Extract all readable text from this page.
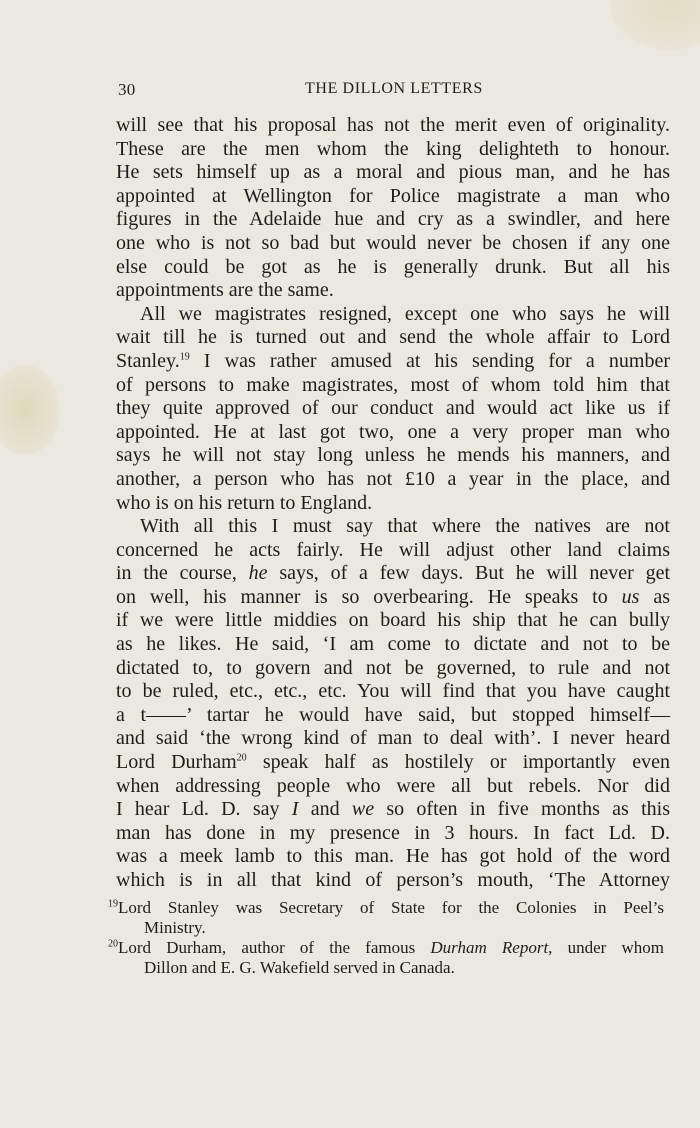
30	THE DILLON LETTERS
will see that his proposal has not the merit even of originality.
These are the men whom the king delighteth to honour.
He sets himself up as a moral and pious man, and he has
appointed at Wellington for Police magistrate a man who
figures in the Adelaide hue and cry as a swindler, and here
one who is not so bad but would never be chosen if any one
else could be got as he is generally drunk. But all his
appointments are the same.
All we magistrates resigned, except one who says he will
wait till he is turned out and send the whole affair to Lord
Stanley.$^{19}$ I was rather amused at his sending for a number
of persons to make magistrates, most of whom told him that
they quite approved of our conduct and would act like us if
appointed. He at last got two, one a very proper man who
says he will not stay long unless he mends his manners, and
another, a person who has not £10 a year in the place, and
who is on his return to England.
With all this I must say that where the natives are not
concerned he acts fairly. He will adjust other land claims
in the course, he says, of a few days. But he will never get
on well, his manner is so overbearing. He speaks to us as
if we were little middies on board his ship that he can bully
as he likes. He said, ‘I am come to dictate and not to be
dictated to, to govern and not be governed, to rule and not
to be ruled, etc., etc., etc. You will find that you have caught
a t——’ tartar he would have said, but stopped himself—
and said ‘the wrong kind of man to deal with’. I never heard
Lord Durham$^{20}$ speak half as hostilely or importantly even
when addressing people who were all but rebels. Nor did
I hear Ld. D. say I and we so often in five months as this
man has done in my presence in 3 hours. In fact Ld. D.
was a meek lamb to this man. He has got hold of the word
which is in all that kind of person’s mouth, ‘The Attorney
$^{19}$Lord Stanley was Secretary of State for the Colonies in Peel’s
Ministry.
$^{20}$Lord Durham, author of the famous Durham Report, under whom
Dillon and E. G. Wakefield served in Canada.
